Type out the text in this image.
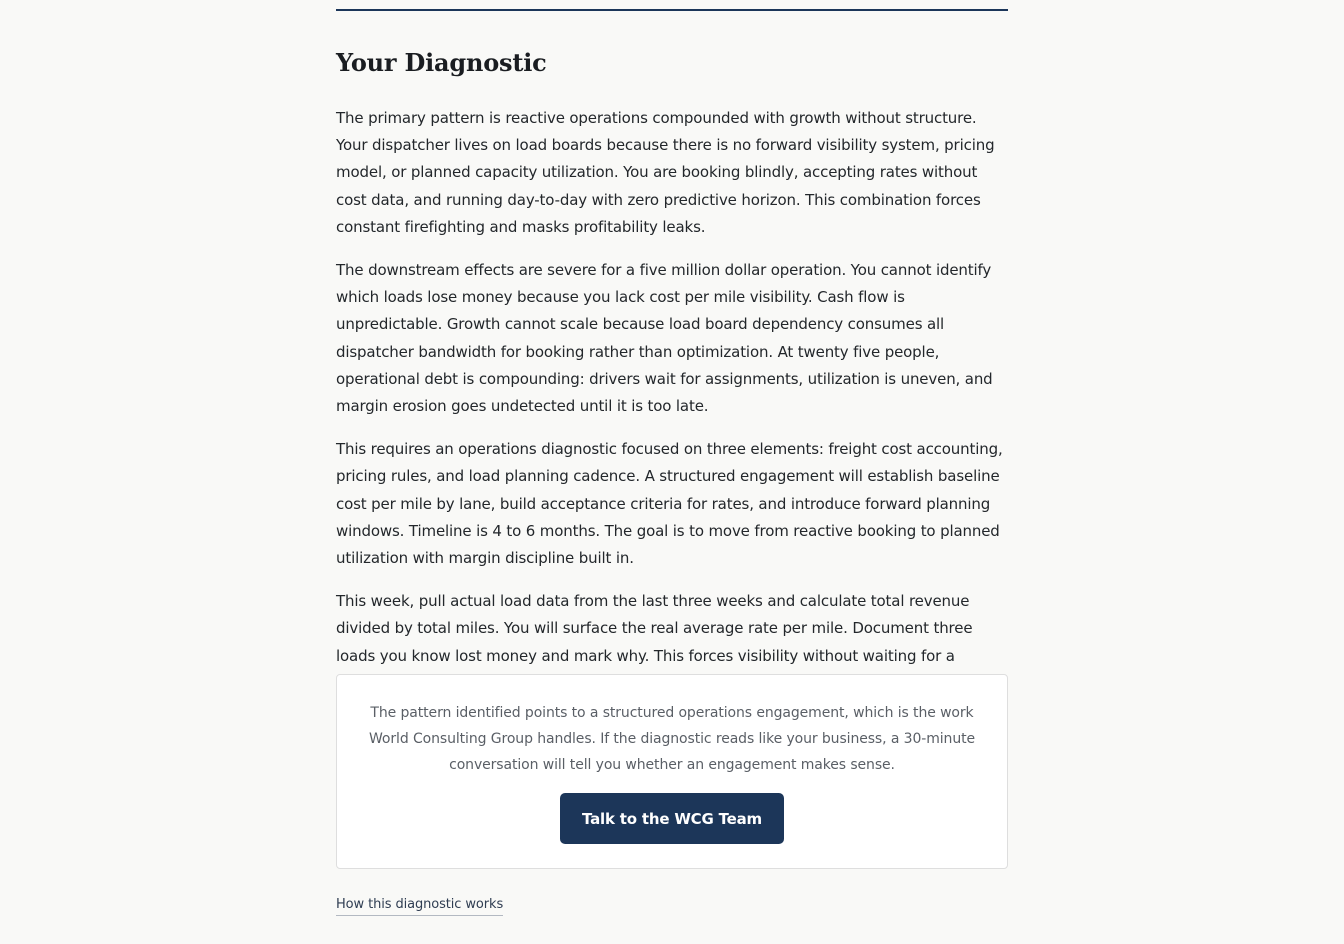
Your Diagnostic

The primary pattern is reactive operations compounded with growth without structure. Your dispatcher lives on load boards because there is no forward visibility system, pricing model, or planned capacity utilization. You are booking blindly, accepting rates without cost data, and running day-to-day with zero predictive horizon. This combination forces constant firefighting and masks profitability leaks.

The downstream effects are severe for a five million dollar operation. You cannot identify which loads lose money because you lack cost per mile visibility. Cash flow is unpredictable. Growth cannot scale because load board dependency consumes all dispatcher bandwidth for booking rather than optimization. At twenty five people, operational debt is compounding: drivers wait for assignments, utilization is uneven, and margin erosion goes undetected until it is too late.

This requires an operations diagnostic focused on three elements: freight cost accounting, pricing rules, and load planning cadence. A structured engagement will establish baseline cost per mile by lane, build acceptance criteria for rates, and introduce forward planning windows. Timeline is 4 to 6 months. The goal is to move from reactive booking to planned utilization with margin discipline built in.

This week, pull actual load data from the last three weeks and calculate total revenue divided by total miles. You will surface the real average rate per mile. Document three loads you know lost money and mark why. This forces visibility without waiting for a

The pattern identified points to a structured operations engagement, which is the work World Consulting Group handles. If the diagnostic reads like your business, a 30-minute conversation will tell you whether an engagement makes sense.

Talk to the WCG Team
How this diagnostic works
